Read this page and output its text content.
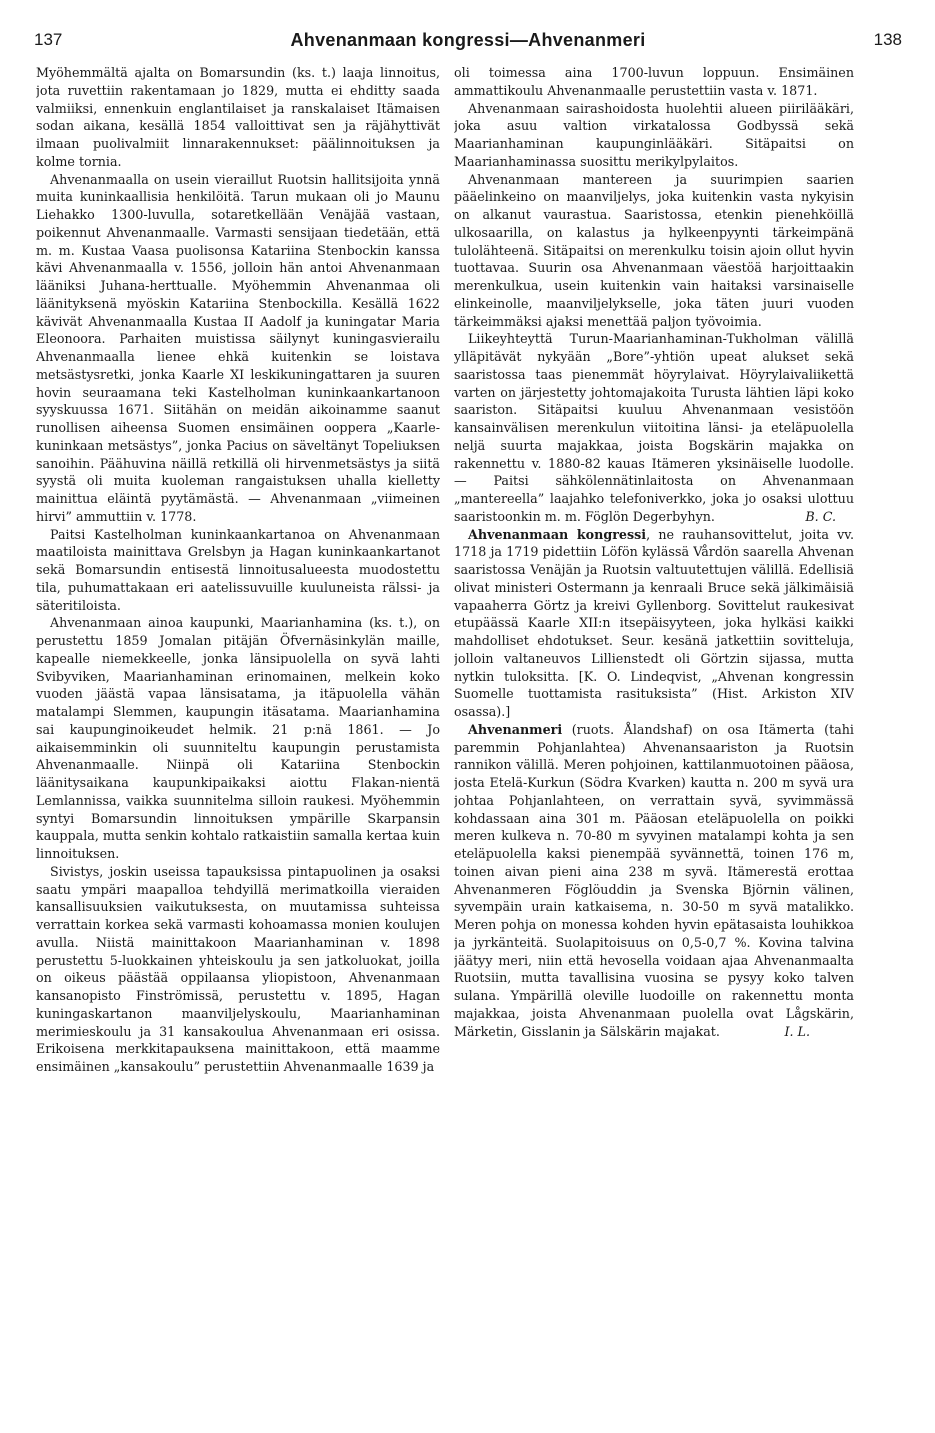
137	Ahvenanmaan kongressi—Ahvenanmeri	138

Myöhemmältä ajalta on Bomarsundin (ks. t.) laaja linnoitus, jota ruvettiin rakentamaan jo 1829, mutta ei ehditty saada valmiiksi, ennenkuin englantilaiset ja ranskalaiset Itämaisen sodan aikana, kesällä 1854 valloittivat sen ja räjähyttivät ilmaan puolivalmiit linnarakennukset: päälinnoituksen ja kolme tornia.

Ahvenanmaalla on usein vieraillut Ruotsin hallitsijoita ynnä muita kuninkaallisia henkilöitä. Tarun mukaan oli jo Maunu Liehakko 1300-luvulla, sotaretkellään Venäjää vastaan, poikennut Ahvenanmaalle. Varmasti sensijaan tiedetään, että m. m. Kustaa Vaasa puolisonsa Katariina Stenbockin kanssa kävi Ahvenanmaalla v. 1556, jolloin hän antoi Ahvenanmaan lääniksi Juhana-herttualle. Myöhemmin Ahvenanmaa oli läänityksenä myöskin Katariina Stenbockilla. Kesällä 1622 kävivät Ahvenanmaalla Kustaa II Aadolf ja kuningatar Maria Eleonoora. Parhaiten muistissa säilynyt kuningasvierailu Ahvenanmaalla lienee ehkä kuitenkin se loistava metsästysretki, jonka Kaarle XI leskikuningattaren ja suuren hovin seuraamana teki Kastelholman kuninkaankartanoon syyskuussa 1671. Siitähän on meidän aikoinamme saanut runollisen aiheensa Suomen ensimäinen ooppera „Kaarle-kuninkaan metsästys”, jonka Pacius on säveltänyt Topeliuksen sanoihin. Päähuvina näillä retkillä oli hirvenmetsästys ja siitä syystä oli muita kuoleman rangaistuksen uhalla kielletty mainittua eläintä pyytämästä. — Ahvenanmaan „viimeinen hirvi” ammuttiin v. 1778.

Paitsi Kastelholman kuninkaankartanoa on Ahvenanmaan maatiloista mainittava Grelsbyn ja Hagan kuninkaankartanot sekä Bomarsundin entisestä linnoitusalueesta muodostettu tila, puhumattakaan eri aatelissuvuille kuuluneista rälssi- ja säteritiloista.

Ahvenanmaan ainoa kaupunki, Maarianhamina (ks. t.), on perustettu 1859 Jomalan pitäjän Öfvernäsinkylän maille, kapealle niemekkeelle, jonka länsipuolella on syvä lahti Svibyviken, Maarianhaminan erinomainen, melkein koko vuoden jäästä vapaa länsisatama, ja itäpuolella vähän matalampi Slemmen, kaupungin itäsatama. Maarianhamina sai kaupunginoikeudet helmik. 21 p:nä 1861. — Jo aikaisemminkin oli suunniteltu kaupungin perustamista Ahvenanmaalle. Niinpä oli Katariina Stenbockin läänitysaikana kaupunkipaikaksi aiottu Flakan-nientä Lemlannissa, vaikka suunnitelma silloin raukesi. Myöhemmin syntyi Bomarsundin linnoituksen ympärille Skarpansin kauppala, mutta senkin kohtalo ratkaistiin samalla kertaa kuin linnoituksen.

Sivistys, joskin useissa tapauksissa pintapuolinen ja osaksi saatu ympäri maapalloa tehdyillä merimatkoilla vieraiden kansallisuuksien vaikutuksesta, on muutamissa suhteissa verrattain korkea sekä varmasti kohoamassa monien koulujen avulla. Niistä mainittakoon Maarianhaminan v. 1898 perustettu 5-luokkainen yhteiskoulu ja sen jatkoluokat, joilla on oikeus päästää oppilaansa yliopistoon, Ahvenanmaan kansanopisto Finströmissä, perustettu v. 1895, Hagan kuningaskartanon maanviljelyskoulu, Maarianhaminan merimieskoulu ja 31 kansakoulua Ahvenanmaan eri osissa. Erikoisena merkkitapauksena mainittakoon, että maamme ensimäinen „kansakoulu” perustettiin Ahvenanmaalle 1639 ja

oli toimessa aina 1700-luvun loppuun. Ensimäinen ammattikoulu Ahvenanmaalle perustettiin vasta v. 1871.

Ahvenanmaan sairashoidosta huolehtii alueen piirilääkäri, joka asuu valtion virkatalossa Godbyssä sekä Maarianhaminan kaupunginlääkäri. Sitäpaitsi on Maarianhaminassa suosittu merikylpylaitos.

Ahvenanmaan mantereen ja suurimpien saarien pääelinkeino on maanviljelys, joka kuitenkin vasta nykyisin on alkanut vaurastua. Saaristossa, etenkin pienehköillä ulkosaarilla, on kalastus ja hylkeenpyynti tärkeimpänä tulolähteenä. Sitäpaitsi on merenkulku toisin ajoin ollut hyvin tuottavaa. Suurin osa Ahvenanmaan väestöä harjoittaakin merenkulkua, usein kuitenkin vain haitaksi varsinaiselle elinkeinolle, maanviljelykselle, joka täten juuri vuoden tärkeimmäksi ajaksi menettää paljon työvoimia.

Liikeyhteyttä Turun-Maarianhaminan-Tukholman välillä ylläpitävät nykyään „Bore”-yhtiön upeat alukset sekä saaristossa taas pienemmät höyrylaivat. Höyrylaivaliikettä varten on järjestetty johtomajakoita Turusta lähtien läpi koko saariston. Sitäpaitsi kuuluu Ahvenanmaan vesistöön kansainvälisen merenkulun viitoitina länsi- ja eteläpuolella neljä suurta majakkaa, joista Bogskärin majakka on rakennettu v. 1880-82 kauas Itämeren yksinäiselle luodolle. — Paitsi sähkölennätinlaitosta on Ahvenanmaan „mantereella” laajahko telefoniverkko, joka jo osaksi ulottuu saaristoonkin m. m. Föglön Degerbyhyn.	B. C.

Ahvenanmaan kongressi, ne rauhansovittelut, joita vv. 1718 ja 1719 pidettiin Löfön kylässä Vårdön saarella Ahvenan saaristossa Venäjän ja Ruotsin valtuutettujen välillä. Edellisiä olivat ministeri Ostermann ja kenraali Bruce sekä jälkimäisiä vapaaherra Görtz ja kreivi Gyllenborg. Sovittelut raukesivat etupäässä Kaarle XII:n itsepäisyyteen, joka hylkäsi kaikki mahdolliset ehdotukset. Seur. kesänä jatkettiin sovitteluja, jolloin valtaneuvos Lillienstedt oli Görtzin sijassa, mutta nytkin tuloksitta. [K. O. Lindeqvist, „Ahvenan kongressin Suomelle tuottamista rasituksista” (Hist. Arkiston XIV osassa).]

Ahvenanmeri (ruots. Ålandshaf) on osa Itämerta (tahi paremmin Pohjanlahtea) Ahvenansaariston ja Ruotsin rannikon välillä. Meren pohjoinen, kattilanmuotoinen pääosa, josta Etelä-Kurkun (Södra Kvarken) kautta n. 200 m syvä ura johtaa Pohjanlahteen, on verrattain syvä, syvimmässä kohdassaan aina 301 m. Pääosan eteläpuolella on poikki meren kulkeva n. 70-80 m syvyinen matalampi kohta ja sen eteläpuolella kaksi pienempää syvännettä, toinen 176 m, toinen aivan pieni aina 238 m syvä. Itämerestä erottaa Ahvenanmeren Föglöuddin ja Svenska Björnin välinen, syvempäin urain katkaisema, n. 30-50 m syvä matalikko. Meren pohja on monessa kohden hyvin epätasaista louhikkoa ja jyrkänteitä. Suolapitoisuus on 0,5-0,7 %. Kovina talvina jäätyy meri, niin että hevosella voidaan ajaa Ahvenanmaalta Ruotsiin, mutta tavallisina vuosina se pysyy koko talven sulana. Ympärillä oleville luodoille on rakennettu monta majakkaa, joista Ahvenanmaan puolella ovat Lågskärin, Märketin, Gisslanin ja Sälskärin majakat.	I. L.
